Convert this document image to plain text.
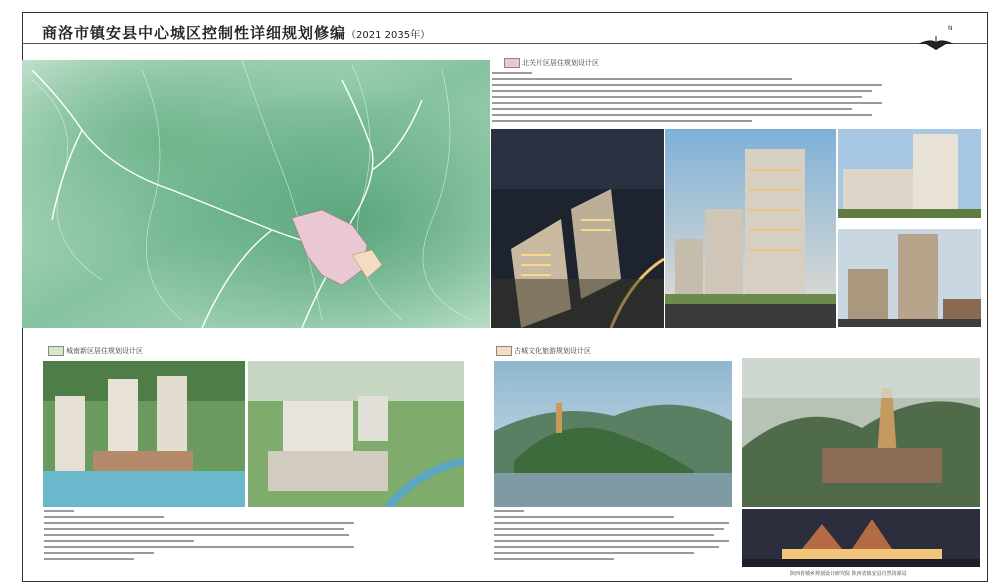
商洛市镇安县中心城区控制性详细规划修编（2021 2035年）
N
北关片区居住规划设计区
城南新区居住规划设计区	古城文化旅游规划设计区
陕西省城乡规划设计研究院 陕西省镇安县自然资源局
